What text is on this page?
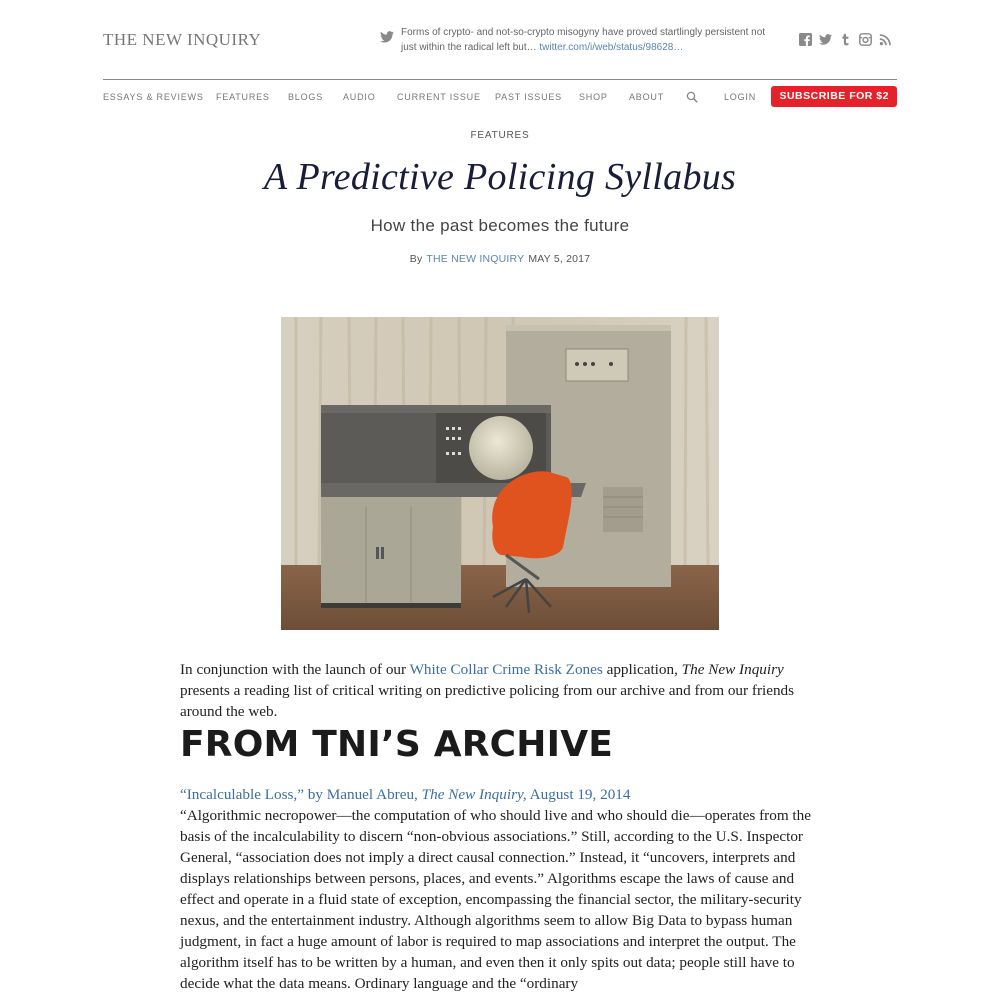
THE NEW INQUIRY	Forms of crypto- and not-so-crypto misogyny have proved startlingly persistent not just within the radical left but… twitter.com/i/web/status/98628…
ESSAYS & REVIEWS FEATURES BLOGS AUDIO CURRENT ISSUE PAST ISSUES SHOP ABOUT	LOGIN	SUBSCRIBE FOR $2
FEATURES
A Predictive Policing Syllabus
How the past becomes the future
By THE NEW INQUIRY MAY 5, 2017

In conjunction with the launch of our White Collar Crime Risk Zones application, The New Inquiry presents a reading list of critical writing on predictive policing from our archive and from our friends around the web.

FROM TNI’S ARCHIVE

“Incalculable Loss,” by Manuel Abreu, The New Inquiry, August 19, 2014

“Algorithmic necropower—the computation of who should live and who should die—operates from the basis of the incalculability to discern “non-obvious associations.” Still, according to the U.S. Inspector General, “association does not imply a direct causal connection.” Instead, it “uncovers, interprets and displays relationships between persons, places, and events.” Algorithms escape the laws of cause and effect and operate in a fluid state of exception, encompassing the financial sector, the military-security nexus, and the entertainment industry. Although algorithms seem to allow Big Data to bypass human judgment, in fact a huge amount of labor is required to map associations and interpret the output. The algorithm itself has to be written by a human, and even then it only spits out data; people still have to decide what the data means. Ordinary language and the “ordinary
